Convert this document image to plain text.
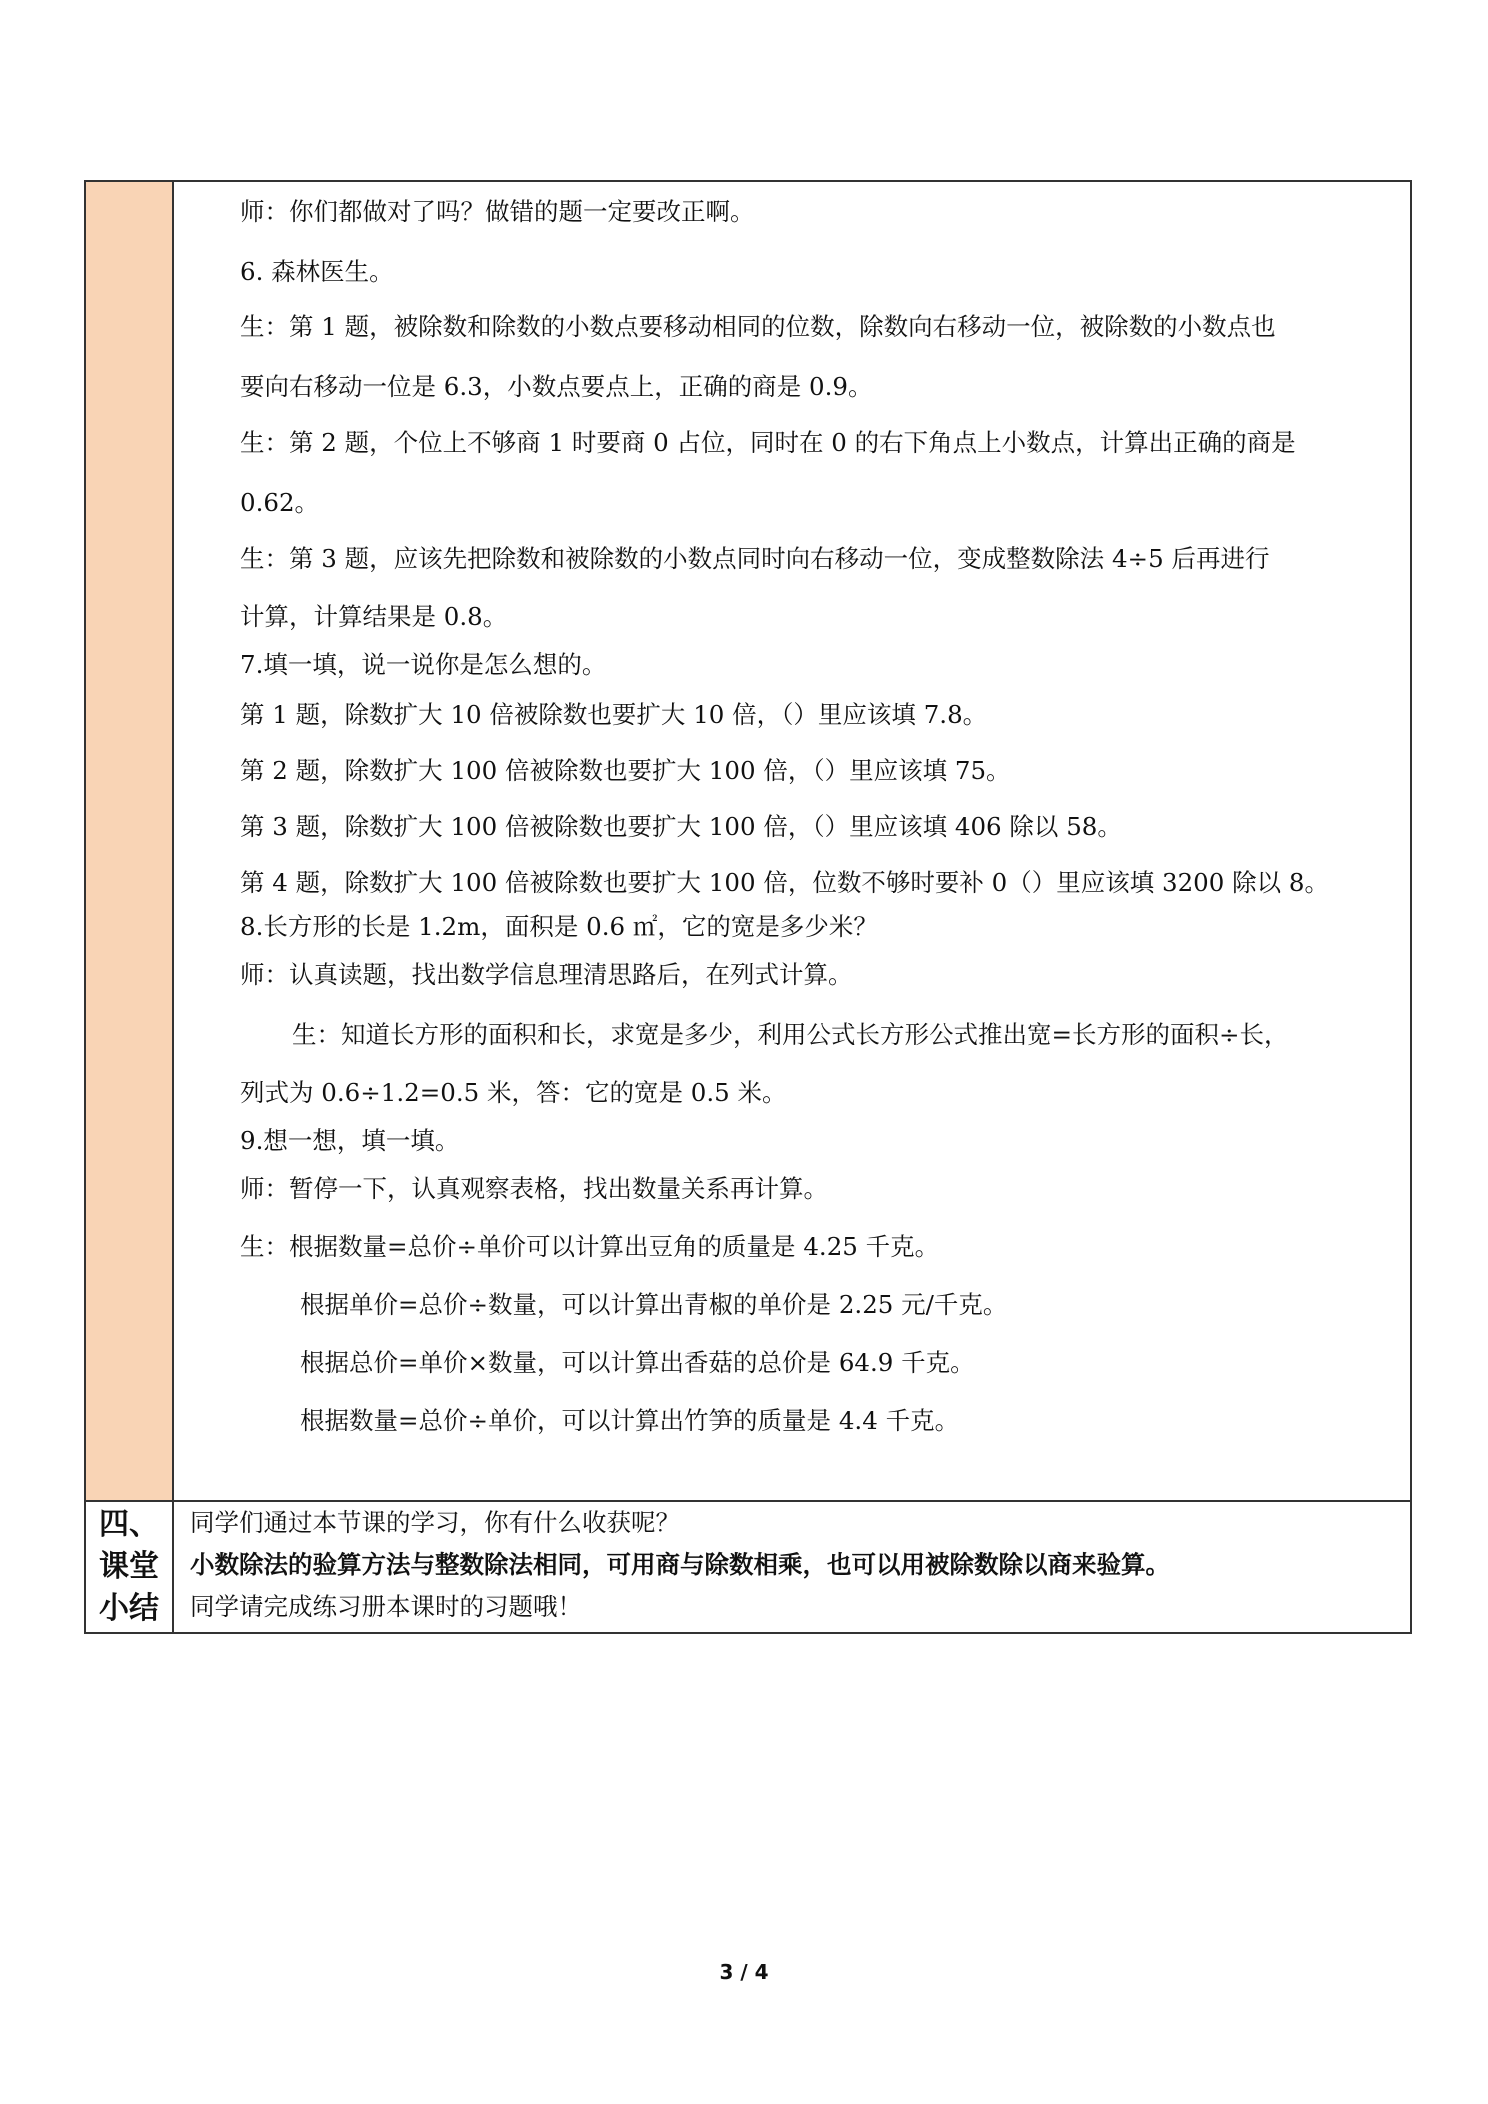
师：你们都做对了吗？做错的题一定要改正啊。
6. 森林医生。
生：第 1 题，被除数和除数的小数点要移动相同的位数，除数向右移动一位，被除数的小数点也
要向右移动一位是 6.3，小数点要点上，正确的商是 0.9。
生：第 2 题，个位上不够商 1 时要商 0 占位，同时在 0 的右下角点上小数点，计算出正确的商是
0.62。
生：第 3 题，应该先把除数和被除数的小数点同时向右移动一位，变成整数除法 4÷5 后再进行
计算，计算结果是 0.8。
7.填一填，说一说你是怎么想的。
第 1 题，除数扩大 10 倍被除数也要扩大 10 倍，（）里应该填 7.8。
第 2 题，除数扩大 100 倍被除数也要扩大 100 倍，（）里应该填 75。
第 3 题，除数扩大 100 倍被除数也要扩大 100 倍，（）里应该填 406 除以 58。
第 4 题，除数扩大 100 倍被除数也要扩大 100 倍，位数不够时要补 0（）里应该填 3200 除以 8。
8.长方形的长是 1.2m，面积是 0.6 ㎡，它的宽是多少米？
师：认真读题，找出数学信息理清思路后，在列式计算。
生：知道长方形的面积和长，求宽是多少，利用公式长方形公式推出宽=长方形的面积÷长，
列式为 0.6÷1.2=0.5 米，答：它的宽是 0.5 米。
9.想一想，填一填。
师：暂停一下，认真观察表格，找出数量关系再计算。
生：根据数量=总价÷单价可以计算出豆角的质量是 4.25 千克。
根据单价=总价÷数量，可以计算出青椒的单价是 2.25 元/千克。
根据总价=单价×数量，可以计算出香菇的总价是 64.9 千克。
根据数量=总价÷单价，可以计算出竹笋的质量是 4.4 千克。
四、
课堂
小结
同学们通过本节课的学习，你有什么收获呢？
小数除法的验算方法与整数除法相同，可用商与除数相乘，也可以用被除数除以商来验算。
同学请完成练习册本课时的习题哦！
3 / 4
